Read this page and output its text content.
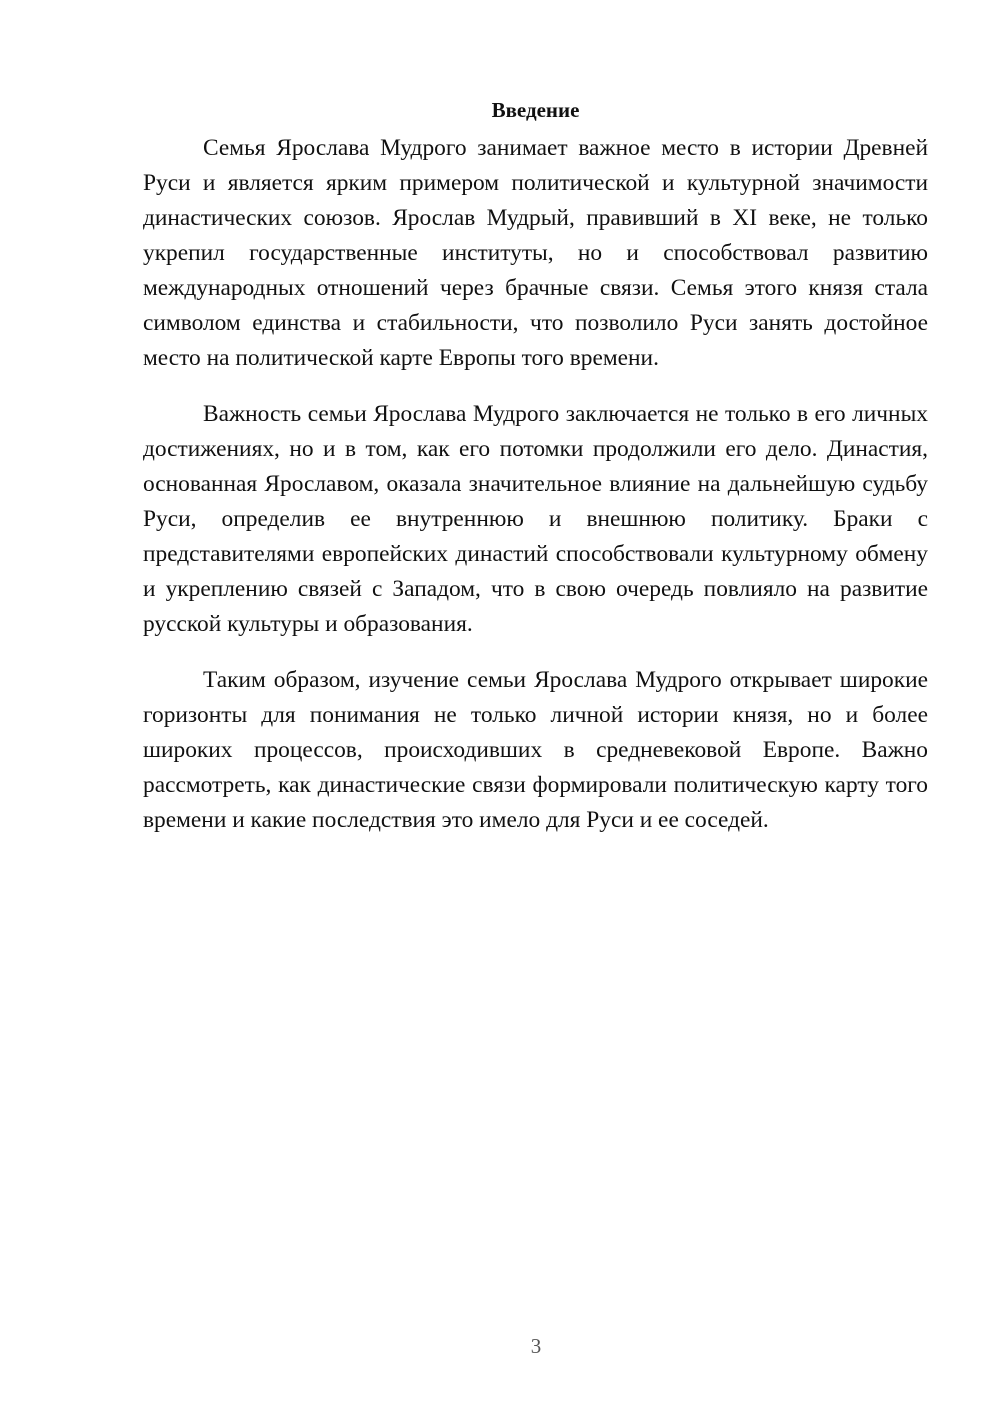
Введение

Семья Ярослава Мудрого занимает важное место в истории Древней Руси и является ярким примером политической и культурной значимости династических союзов. Ярослав Мудрый, правивший в XI веке, не только укрепил государственные институты, но и способствовал развитию международных отношений через брачные связи. Семья этого князя стала символом единства и стабильности, что позволило Руси занять достойное место на политической карте Европы того времени.

Важность семьи Ярослава Мудрого заключается не только в его личных достижениях, но и в том, как его потомки продолжили его дело. Династия, основанная Ярославом, оказала значительное влияние на дальнейшую судьбу Руси, определив ее внутреннюю и внешнюю политику. Браки с представителями европейских династий способствовали культурному обмену и укреплению связей с Западом, что в свою очередь повлияло на развитие русской культуры и образования.

Таким образом, изучение семьи Ярослава Мудрого открывает широкие горизонты для понимания не только личной истории князя, но и более широких процессов, происходивших в средневековой Европе. Важно рассмотреть, как династические связи формировали политическую карту того времени и какие последствия это имело для Руси и ее соседей.

3
